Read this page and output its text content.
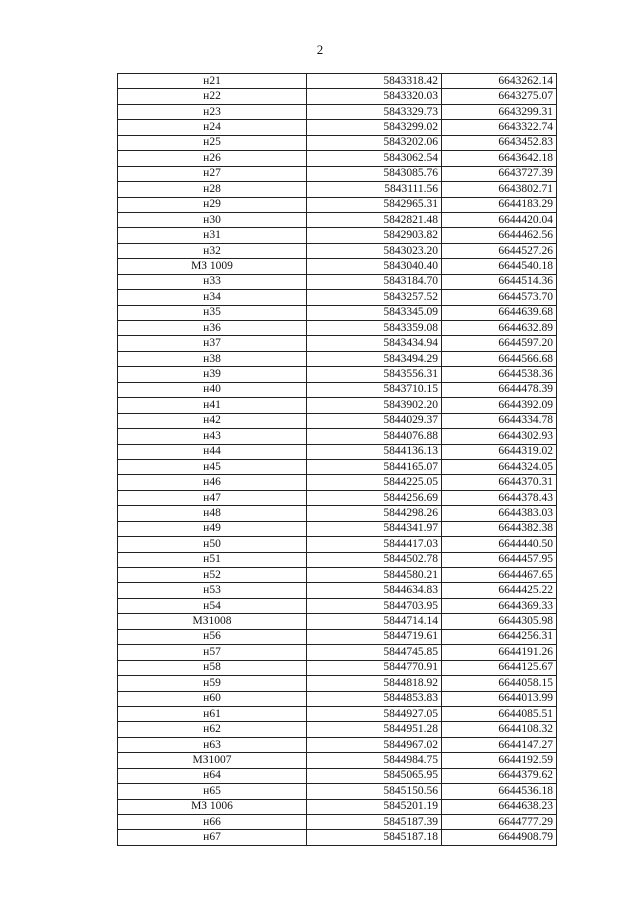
2
н21	5843318.42	6643262.14
н22	5843320.03	6643275.07
н23	5843329.73	6643299.31
н24	5843299.02	6643322.74
н25	5843202.06	6643452.83
н26	5843062.54	6643642.18
н27	5843085.76	6643727.39
н28	5843111.56	6643802.71
н29	5842965.31	6644183.29
н30	5842821.48	6644420.04
н31	5842903.82	6644462.56
н32	5843023.20	6644527.26
МЗ 1009	5843040.40	6644540.18
н33	5843184.70	6644514.36
н34	5843257.52	6644573.70
н35	5843345.09	6644639.68
н36	5843359.08	6644632.89
н37	5843434.94	6644597.20
н38	5843494.29	6644566.68
н39	5843556.31	6644538.36
н40	5843710.15	6644478.39
н41	5843902.20	6644392.09
н42	5844029.37	6644334.78
н43	5844076.88	6644302.93
н44	5844136.13	6644319.02
н45	5844165.07	6644324.05
н46	5844225.05	6644370.31
н47	5844256.69	6644378.43
н48	5844298.26	6644383.03
н49	5844341.97	6644382.38
н50	5844417.03	6644440.50
н51	5844502.78	6644457.95
н52	5844580.21	6644467.65
н53	5844634.83	6644425.22
н54	5844703.95	6644369.33
МЗ1008	5844714.14	6644305.98
н56	5844719.61	6644256.31
н57	5844745.85	6644191.26
н58	5844770.91	6644125.67
н59	5844818.92	6644058.15
н60	5844853.83	6644013.99
н61	5844927.05	6644085.51
н62	5844951.28	6644108.32
н63	5844967.02	6644147.27
МЗ1007	5844984.75	6644192.59
н64	5845065.95	6644379.62
н65	5845150.56	6644536.18
МЗ 1006	5845201.19	6644638.23
н66	5845187.39	6644777.29
н67	5845187.18	6644908.79
